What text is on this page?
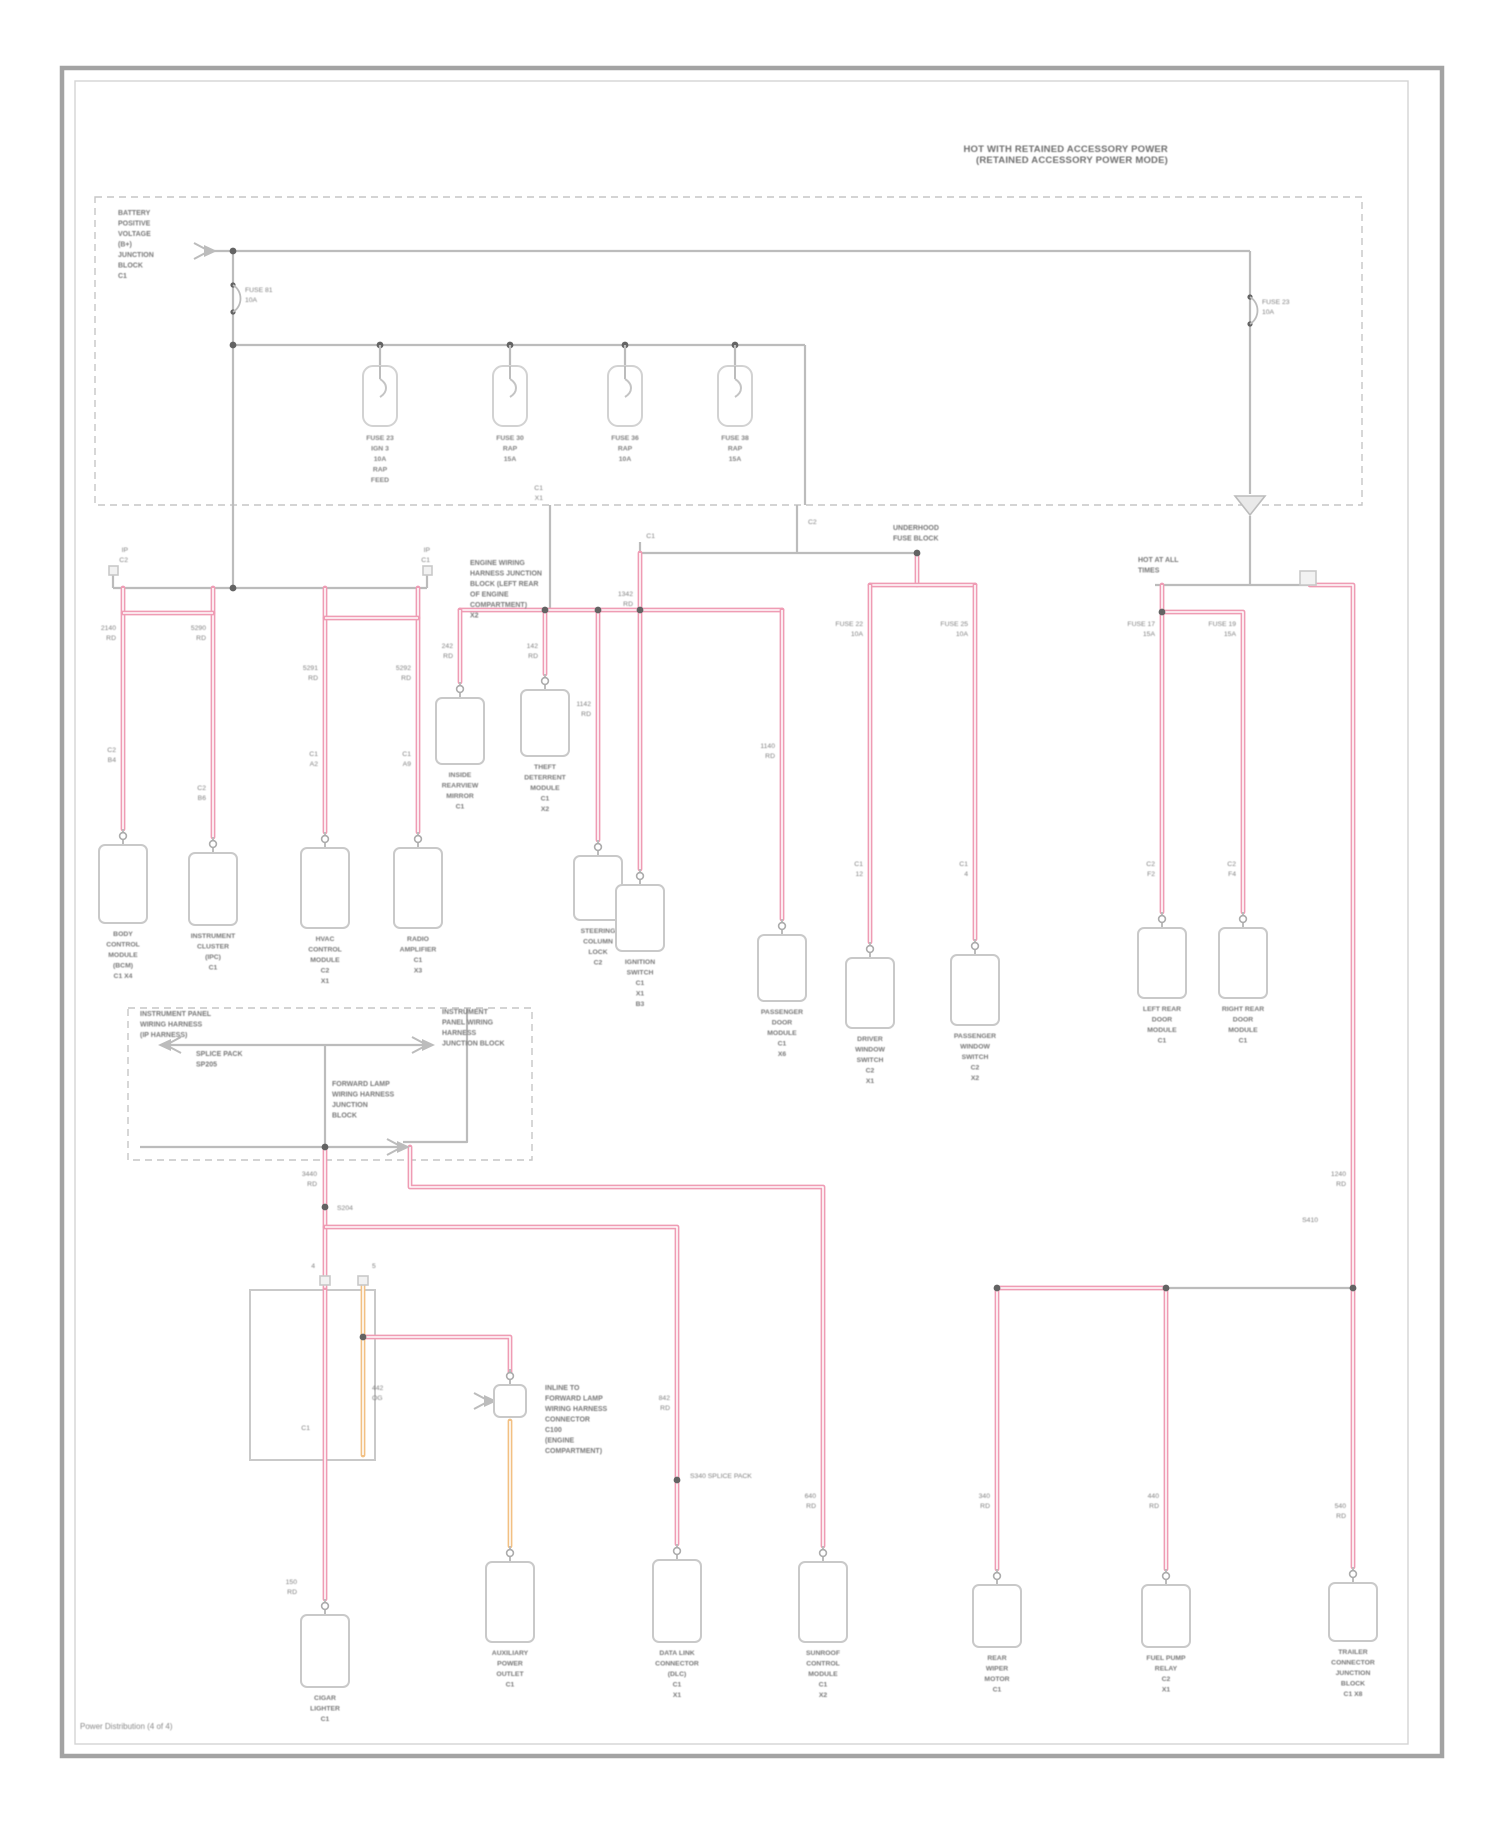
FUSE 81
10A	FUSE 23
10A
FUSE 23
IGN 3
10A
RAP
FEED
FUSE 30
RAP
15A
FUSE 36
RAP
10A
FUSE 38
RAP
15A
BODY
CONTROL
MODULE
(BCM)
C1 X4
INSTRUMENT
CLUSTER
(IPC)
C1
HVAC
CONTROL
MODULE
C2
X1
RADIO
AMPLIFIER
C1
X3
INSIDE
REARVIEW
MIRROR
C1
THEFT
DETERRENT
MODULE
C1
X2
STEERING
COLUMN
LOCK
C2	IGNITION
SWITCH
C1
X1
B3
PASSENGER
DOOR
MODULE
C1
X6
DRIVER
WINDOW
SWITCH
C2
X1
PASSENGER
WINDOW
SWITCH
C2
X2
LEFT REAR
DOOR
MODULE
C1
RIGHT REAR
DOOR
MODULE
C1
CIGAR
LIGHTER
C1
AUXILIARY
POWER
OUTLET
C1
DATA LINK
CONNECTOR
(DLC)
C1
X1
SUNROOF
CONTROL
MODULE
C1
X2
REAR
WIPER
MOTOR
C1
FUEL PUMP
RELAY
C2
X1
TRAILER
CONNECTOR
JUNCTION
BLOCK
C1 X8
2140
RD
5290
RD
5291
RD
5292
RD
C2
B4
C2
B6
C1
A2
C1
A9
1342
RD
142
RD
242
RD
1142
RD
1140
RD
FUSE 22
10A
FUSE 25
10A
C1
12
C1
4
FUSE 17
15A
FUSE 19
15A
C2
F2
C2
F4
1240
RD
3440
RD
S204
340
RD
440
RD	540
RD
640
RD
842
RD
150
RD
442
OG
S340 SPLICE PACK
C1
X1
IP
C2
IP
C1
C1
C2
4	5
C1
S410
BATTERY
POSITIVE
VOLTAGE
(B+)
JUNCTION
BLOCK
C1
ENGINE WIRING
HARNESS JUNCTION
BLOCK (LEFT REAR
OF ENGINE
COMPARTMENT)
X2
UNDERHOOD
FUSE BLOCK
HOT AT ALL
TIMES
INSTRUMENT PANEL
WIRING HARNESS
(IP HARNESS)
SPLICE PACK
SP205
INSTRUMENT
PANEL WIRING
HARNESS
JUNCTION BLOCK
FORWARD LAMP
WIRING HARNESS
JUNCTION
BLOCK
INLINE TO
FORWARD LAMP
WIRING HARNESS
CONNECTOR
C100
(ENGINE
COMPARTMENT)
HOT WITH RETAINED ACCESSORY POWER
(RETAINED ACCESSORY POWER MODE)
Power Distribution (4 of 4)
